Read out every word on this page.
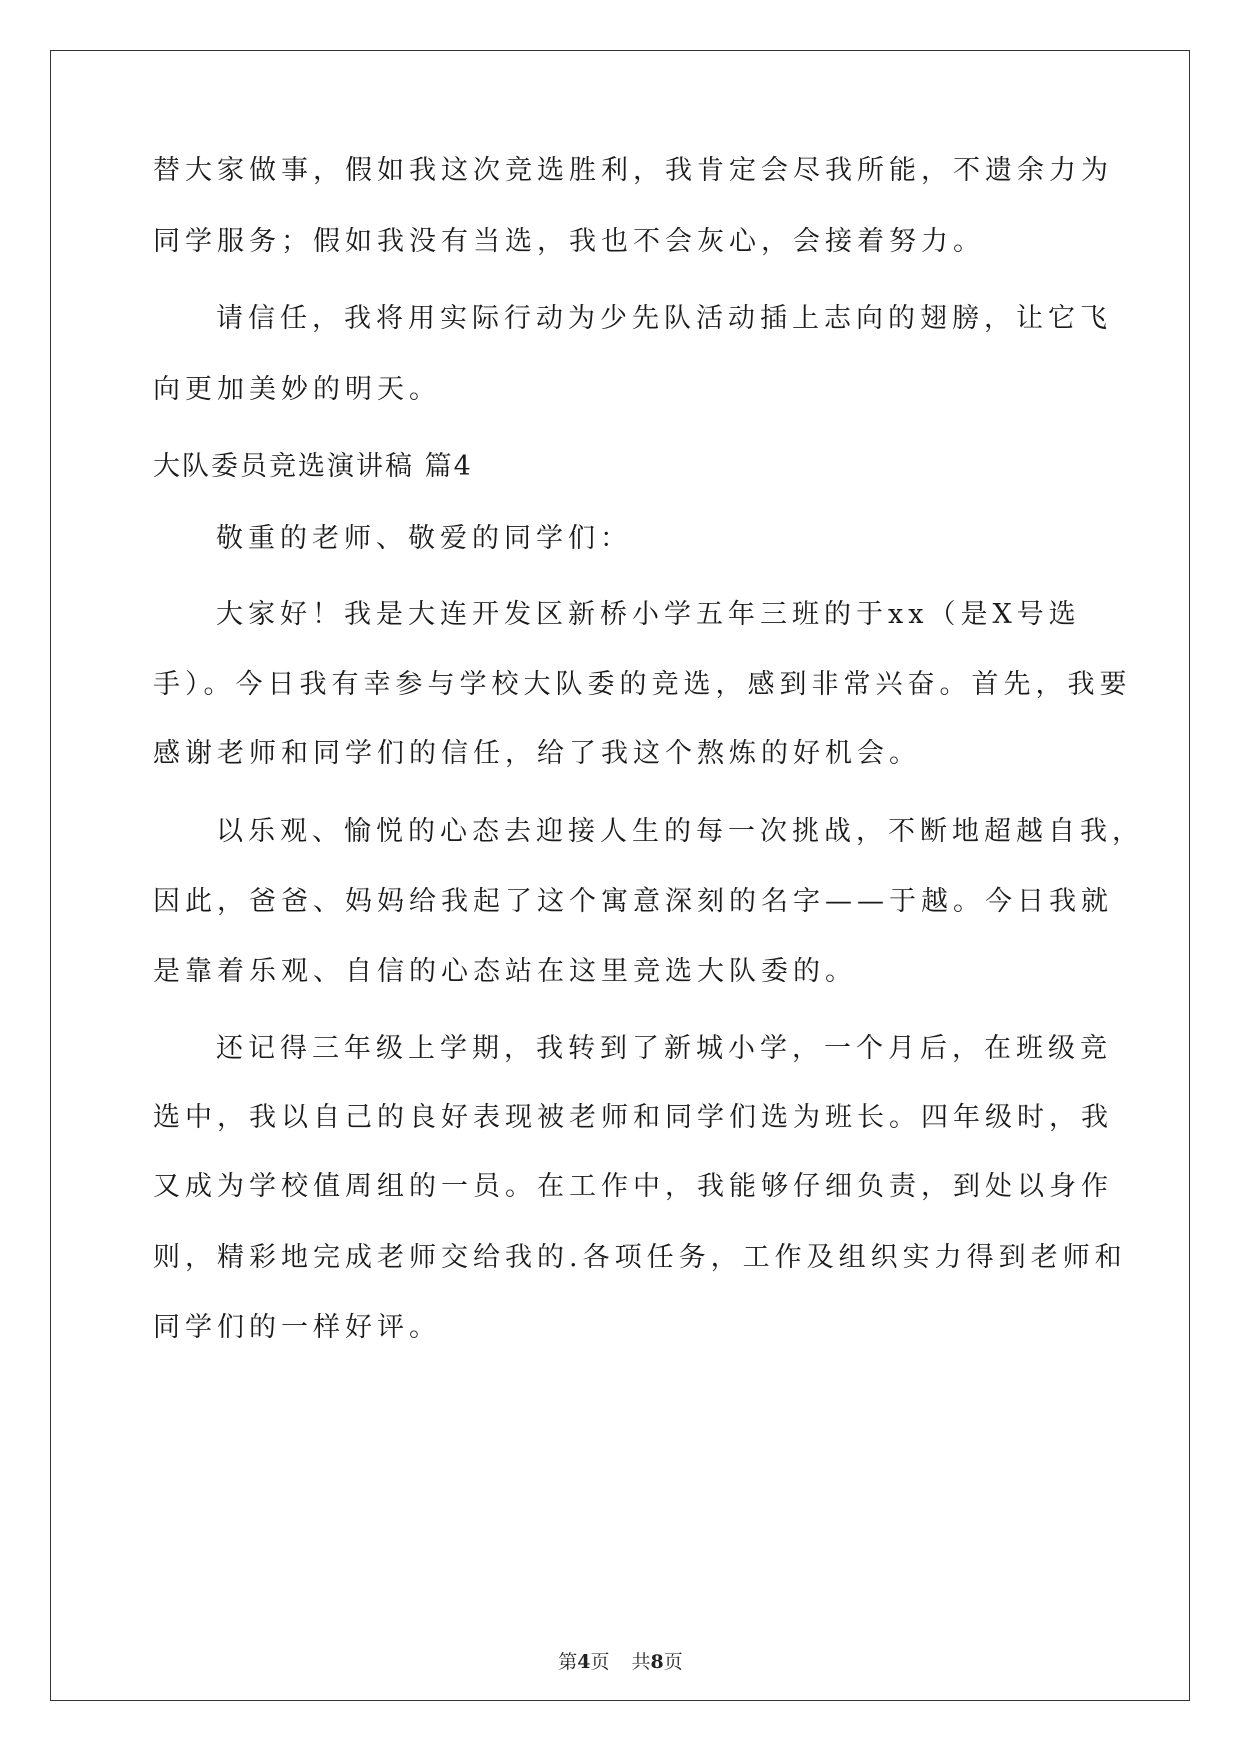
替大家做事，假如我这次竞选胜利，我肯定会尽我所能，不遗余力为
同学服务；假如我没有当选，我也不会灰心，会接着努力。
请信任，我将用实际行动为少先队活动插上志向的翅膀，让它飞
向更加美妙的明天。
大队委员竞选演讲稿 篇4
敬重的老师、敬爱的同学们：
大家好！我是大连开发区新桥小学五年三班的于xx（是X号选
手）。今日我有幸参与学校大队委的竞选，感到非常兴奋。首先，我要
感谢老师和同学们的信任，给了我这个熬炼的好机会。
以乐观、愉悦的心态去迎接人生的每一次挑战，不断地超越自我，
因此，爸爸、妈妈给我起了这个寓意深刻的名字——于越。今日我就
是靠着乐观、自信的心态站在这里竞选大队委的。
还记得三年级上学期，我转到了新城小学，一个月后，在班级竞
选中，我以自己的良好表现被老师和同学们选为班长。四年级时，我
又成为学校值周组的一员。在工作中，我能够仔细负责，到处以身作
则，精彩地完成老师交给我的.各项任务，工作及组织实力得到老师和
同学们的一样好评。
第4页 共8页
